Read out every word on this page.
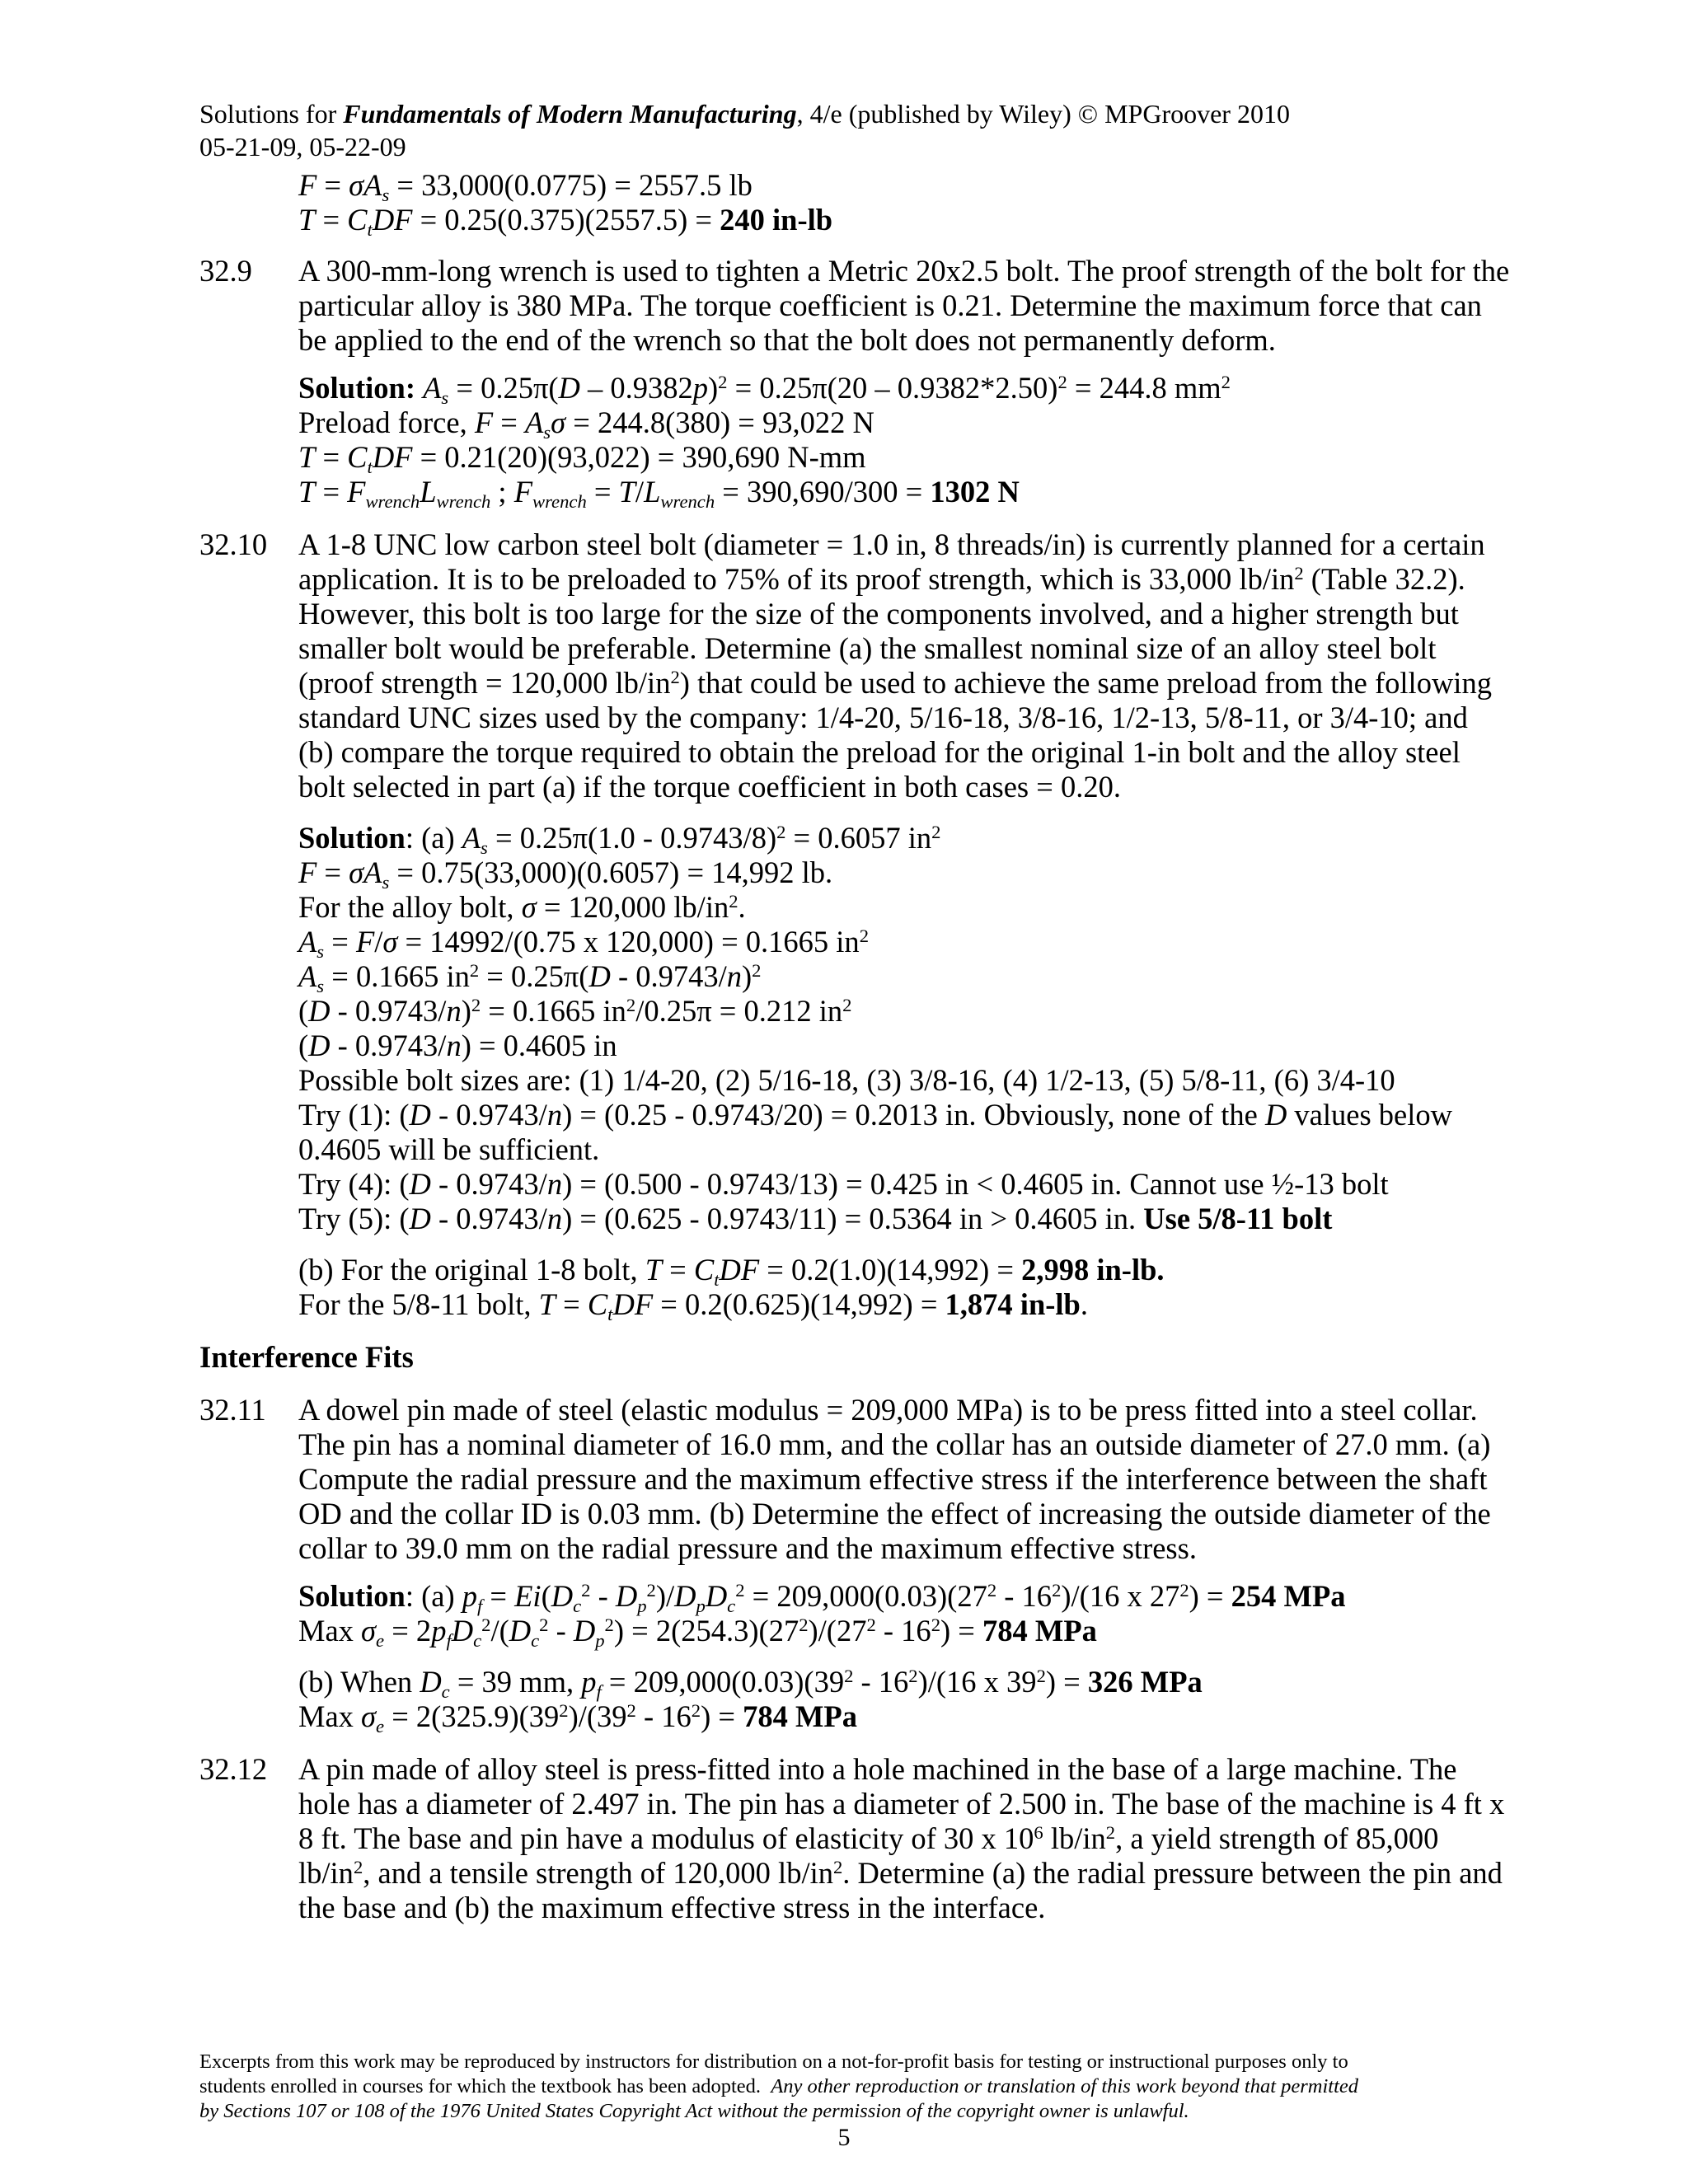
Solutions for Fundamentals of Modern Manufacturing, 4/e (published by Wiley) © MPGroover 2010
05-21-09, 05-22-09
$F = \sigma A_s = 33,000(0.0775) = 2557.5$ lb
$T = C_tDF = 0.25(0.375)(2557.5) = 240$ in-lb
32.9 A 300-mm-long wrench is used to tighten a Metric 20x2.5 bolt. The proof strength of the bolt for the particular alloy is 380 MPa. The torque coefficient is 0.21. Determine the maximum force that can be applied to the end of the wrench so that the bolt does not permanently deform.
Solution: $A_s = 0.25\pi(D - 0.9382p)^2 = 0.25\pi(20 - 0.9382*2.50)^2 = 244.8$ $mm^2$
Preload force, $F = A_s\sigma = 244.8(380) = 93,022$ N
$T = C_tDF = 0.21(20)(93,022) = 390,690$ N-mm
$T = F_{wrench}L_{wrench}$ ; $F_{wrench} = T/L_{wrench} = 390,690/300 = 1302$ N
32.10 A 1-8 UNC low carbon steel bolt (diameter = 1.0 in, 8 threads/in) is currently planned for a certain application. It is to be preloaded to 75% of its proof strength, which is 33,000 $lb/in^2$ (Table 32.2). However, this bolt is too large for the size of the components involved, and a higher strength but smaller bolt would be preferable. Determine (a) the smallest nominal size of an alloy steel bolt (proof strength = 120,000 $lb/in^2$) that could be used to achieve the same preload from the following standard UNC sizes used by the company: 1/4-20, 5/16-18, 3/8-16, 1/2-13, 5/8-11, or 3/4-10; and (b) compare the torque required to obtain the preload for the original 1-in bolt and the alloy steel bolt selected in part (a) if the torque coefficient in both cases = 0.20.
Solution: (a) $A_s = 0.25\pi(1.0 - 0.9743/8)^2 = 0.6057$ $in^2$
$F = \sigma A_s = 0.75(33,000)(0.6057) = 14,992$ lb.
For the alloy bolt, σ = 120,000 $lb/in^2$.
$A_s = F/\sigma = 14992/(0.75$ x 120,000) = 0.1665 $in^2$
$A_s = 0.1665$ $in^2 = 0.25\pi(D - 0.9743/n)^2$
(D - 0.9743/n)$^2$ = 0.1665 $in^2/0.25\pi = 0.212$ $in^2$
(D - 0.9743/n) = 0.4605 in
Possible bolt sizes are: (1) 1/4-20, (2) 5/16-18, (3) 3/8-16, (4) 1/2-13, (5) 5/8-11, (6) 3/4-10
Try (1): (D - 0.9743/n) = (0.25 - 0.9743/20) = 0.2013 in. Obviously, none of the D values below
0.4605 will be sufficient.
Try (4): (D - 0.9743/n) = (0.500 - 0.9743/13) = 0.425 in < 0.4605 in. Cannot use ½-13 bolt
Try (5): (D - 0.9743/n) = (0.625 - 0.9743/11) = 0.5364 in > 0.4605 in. Use 5/8-11 bolt
(b) For the original 1-8 bolt, $T = C_tDF = 0.2(1.0)(14,992) = 2,998$ in-lb.
For the 5/8-11 bolt, $T = C_tDF = 0.2(0.625)(14,992) = 1,874$ in-lb.
Interference Fits
32.11 A dowel pin made of steel (elastic modulus = 209,000 MPa) is to be press fitted into a steel collar. The pin has a nominal diameter of 16.0 mm, and the collar has an outside diameter of 27.0 mm. (a) Compute the radial pressure and the maximum effective stress if the interference between the shaft OD and the collar ID is 0.03 mm. (b) Determine the effect of increasing the outside diameter of the collar to 39.0 mm on the radial pressure and the maximum effective stress.
Solution: (a) $p_f = Ei(D_c^2 - D_p^2)/D_pD_c^2 = 209,000(0.03)(27^2 - 16^2)/(16$ x $27^2) = 254$ MPa
Max $\sigma_e = 2p_fD_c^2/(D_c^2 - D_p^2) = 2(254.3)(27^2)/(27^2 - 16^2) = 784$ MPa
(b) When $D_c = 39$ mm, $p_f = 209,000(0.03)(39^2 - 16^2)/(16$ x $39^2) = 326$ MPa
Max $\sigma_e = 2(325.9)(39^2)/(39^2 - 16^2) = 784$ MPa
32.12 A pin made of alloy steel is press-fitted into a hole machined in the base of a large machine. The hole has a diameter of 2.497 in. The pin has a diameter of 2.500 in. The base of the machine is 4 ft x 8 ft. The base and pin have a modulus of elasticity of 30 x $10^6$ $lb/in^2$, a yield strength of 85,000 $lb/in^2$, and a tensile strength of 120,000 $lb/in^2$. Determine (a) the radial pressure between the pin and the base and (b) the maximum effective stress in the interface.
Excerpts from this work may be reproduced by instructors for distribution on a not-for-profit basis for testing or instructional purposes only to
students enrolled in courses for which the textbook has been adopted. Any other reproduction or translation of this work beyond that permitted
by Sections 107 or 108 of the 1976 United States Copyright Act without the permission of the copyright owner is unlawful.
5
